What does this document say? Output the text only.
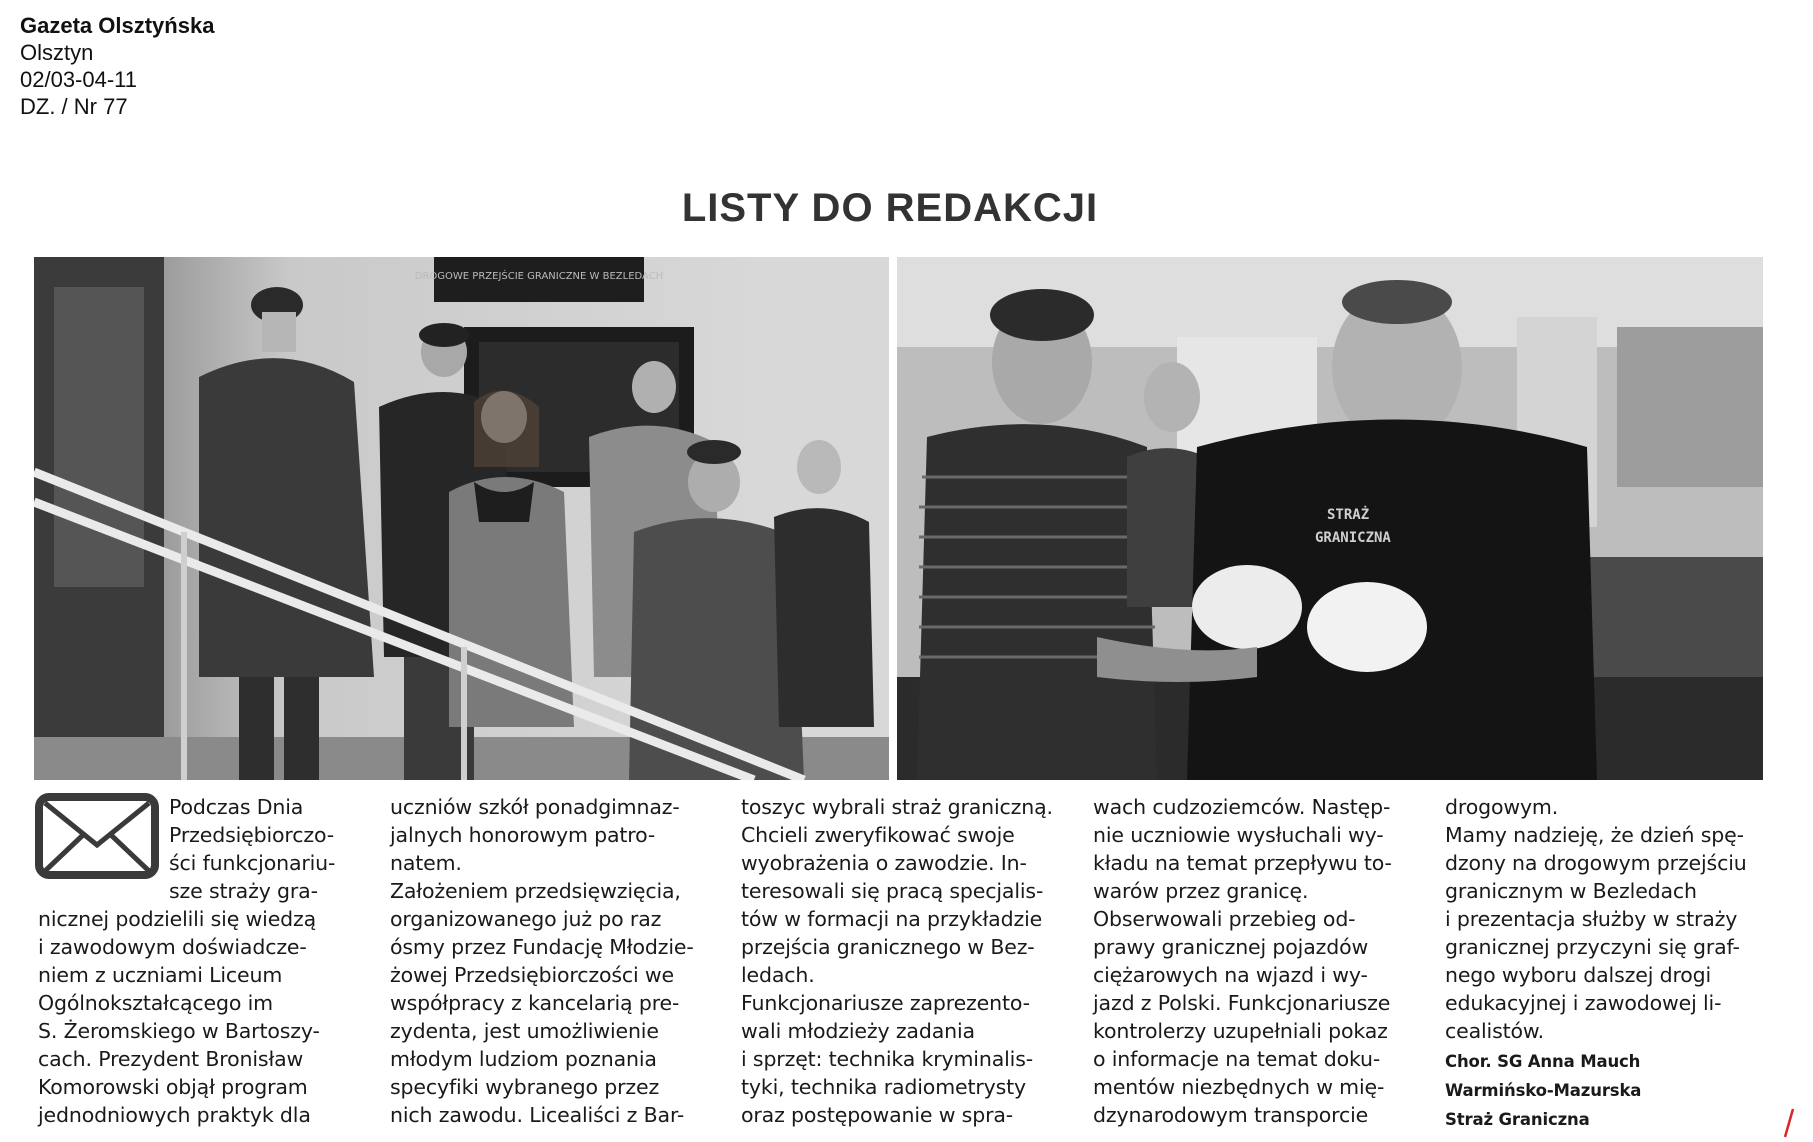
Gazeta Olsztyńska
Olsztyn
02/03-04-11
DZ. / Nr 77
LISTY DO REDAKCJI
DROGOWE PRZEJŚCIE GRANICZNE W BEZLEDACH
STRAŻ
GRANICZNA

Podczas Dnia
Przedsiębiorczo-
ści funkcjonariu-
sze straży gra-

nicznej podzielili się wiedzą
i zawodowym doświadcze-
niem z uczniami Liceum
Ogólnokształcącego im
S. Żeromskiego w Bartoszy-
cach. Prezydent Bronisław
Komorowski objął program
jednodniowych praktyk dla

uczniów szkół ponadgimnaz-
jalnych honorowym patro-
natem.
Założeniem przedsięwzięcia,
organizowanego już po raz
ósmy przez Fundację Młodzie-
żowej Przedsiębiorczości we
współpracy z kancelarią pre-
zydenta, jest umożliwienie
młodym ludziom poznania
specyfiki wybranego przez
nich zawodu. Licealiści z Bar-

toszyc wybrali straż graniczną.
Chcieli zweryfikować swoje
wyobrażenia o zawodzie. In-
teresowali się pracą specjalis-
tów w formacji na przykładzie
przejścia granicznego w Bez-
ledach.
Funkcjonariusze zaprezento-
wali młodzieży zadania
i sprzęt: technika kryminalis-
tyki, technika radiometrysty
oraz postępowanie w spra-

wach cudzoziemców. Następ-
nie uczniowie wysłuchali wy-
kładu na temat przepływu to-
warów przez granicę.
Obserwowali przebieg od-
prawy granicznej pojazdów
ciężarowych na wjazd i wy-
jazd z Polski. Funkcjonariusze
kontrolerzy uzupełniali pokaz
o informacje na temat doku-
mentów niezbędnych w mię-
dzynarodowym transporcie

drogowym.
Mamy nadzieję, że dzień spę-
dzony na drogowym przejściu
granicznym w Bezledach
i prezentacja służby w straży
granicznej przyczyni się graf-
nego wyboru dalszej drogi
edukacyjnej i zawodowej li-
cealistów.

Chor. SG Anna Mauch
Warmińsko-Mazurska
Straż Graniczna
